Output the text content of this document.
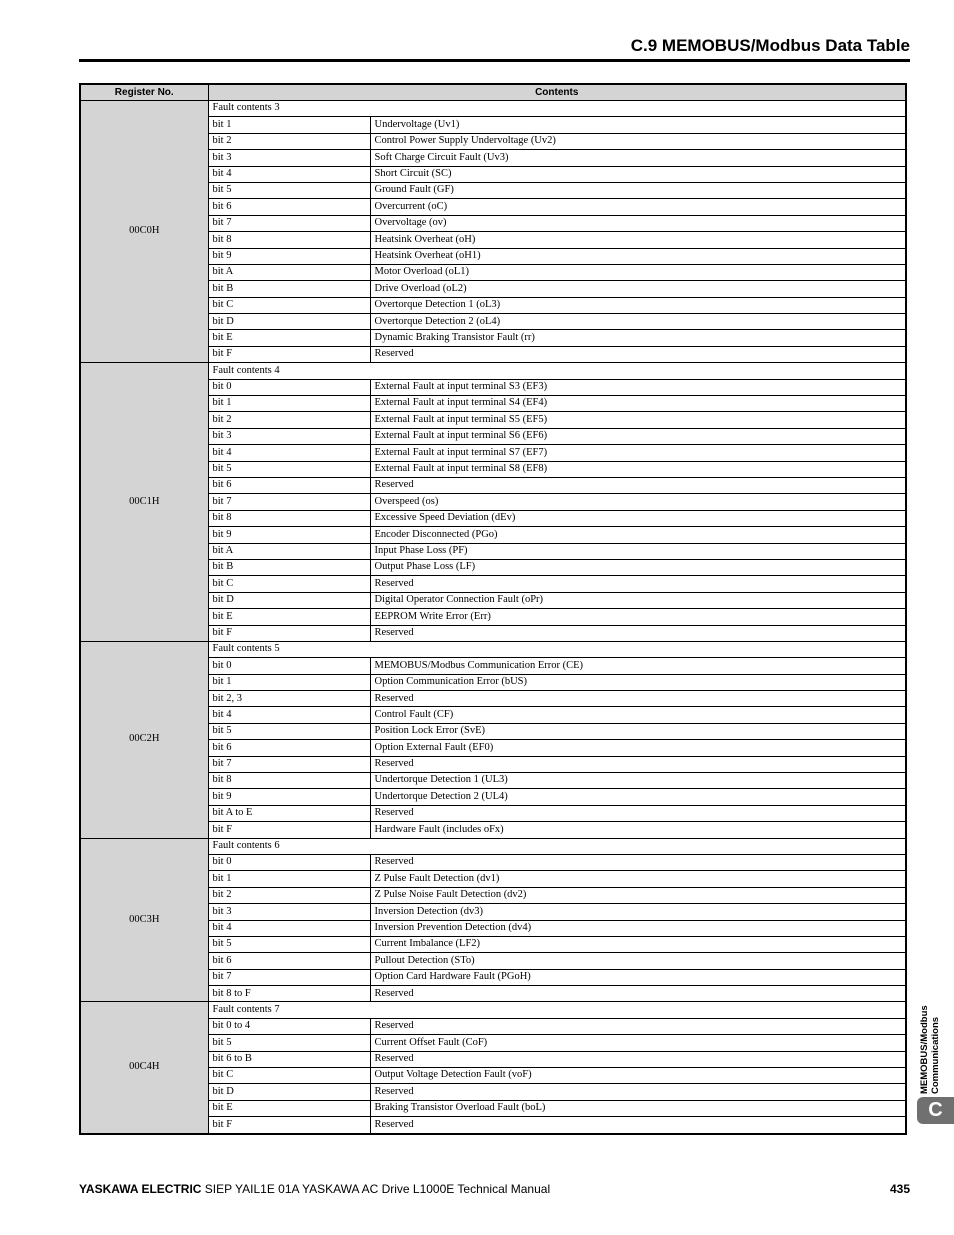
C.9 MEMOBUS/Modbus Data Table
Register No.	Contents	
00C0H	Fault contents 3	
	bit 1	Undervoltage (Uv1)
	bit 2	Control Power Supply Undervoltage (Uv2)
	bit 3	Soft Charge Circuit Fault (Uv3)
	bit 4	Short Circuit (SC)
	bit 5	Ground Fault (GF)
	bit 6	Overcurrent (oC)
	bit 7	Overvoltage (ov)
	bit 8	Heatsink Overheat (oH)
	bit 9	Heatsink Overheat (oH1)
	bit A	Motor Overload (oL1)
	bit B	Drive Overload (oL2)
	bit C	Overtorque Detection 1 (oL3)
	bit D	Overtorque Detection 2 (oL4)
	bit E	Dynamic Braking Transistor Fault (rr)
	bit F	Reserved
00C1H	Fault contents 4	
	bit 0	External Fault at input terminal S3 (EF3)
	bit 1	External Fault at input terminal S4 (EF4)
	bit 2	External Fault at input terminal S5 (EF5)
	bit 3	External Fault at input terminal S6 (EF6)
	bit 4	External Fault at input terminal S7 (EF7)
	bit 5	External Fault at input terminal S8 (EF8)
	bit 6	Reserved
	bit 7	Overspeed (os)
	bit 8	Excessive Speed Deviation (dEv)
	bit 9	Encoder Disconnected (PGo)
	bit A	Input Phase Loss (PF)
	bit B	Output Phase Loss (LF)
	bit C	Reserved
	bit D	Digital Operator Connection Fault (oPr)
	bit E	EEPROM Write Error (Err)
	bit F	Reserved
00C2H	Fault contents 5	
	bit 0	MEMOBUS/Modbus Communication Error (CE)
	bit 1	Option Communication Error (bUS)
	bit 2, 3	Reserved
	bit 4	Control Fault (CF)
	bit 5	Position Lock Error (SvE)
	bit 6	Option External Fault (EF0)
	bit 7	Reserved
	bit 8	Undertorque Detection 1 (UL3)
	bit 9	Undertorque Detection 2 (UL4)
	bit A to E	Reserved
	bit F	Hardware Fault (includes oFx)
00C3H	Fault contents 6	
	bit 0	Reserved
	bit 1	Z Pulse Fault Detection (dv1)
	bit 2	Z Pulse Noise Fault Detection (dv2)
	bit 3	Inversion Detection (dv3)
	bit 4	Inversion Prevention Detection (dv4)
	bit 5	Current Imbalance (LF2)
	bit 6	Pullout Detection (STo)
	bit 7	Option Card Hardware Fault (PGoH)
	bit 8 to F	Reserved
00C4H	Fault contents 7	
	bit 0 to 4	Reserved
	bit 5	Current Offset Fault (CoF)
	bit 6 to B	Reserved
	bit C	Output Voltage Detection Fault (voF)
	bit D	Reserved
	bit E	Braking Transistor Overload Fault (boL)
	bit F	Reserved
MEMOBUS/Modbus Communications
C
YASKAWA ELECTRIC SIEP YAIL1E 01A YASKAWA AC Drive L1000E Technical Manual	435
